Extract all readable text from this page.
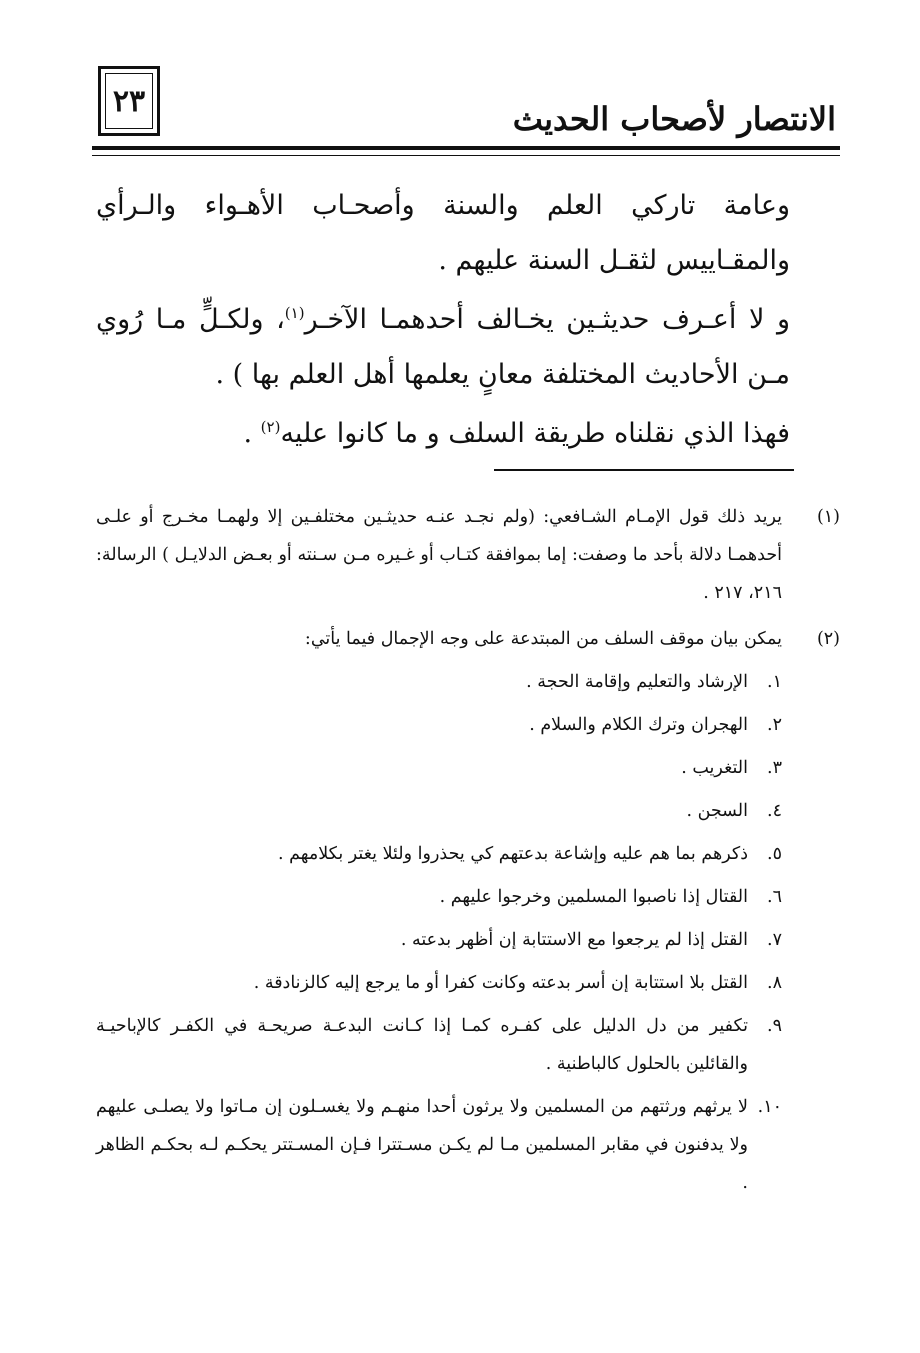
٢٣	الانتصار لأصحاب الحديث

وعامة تاركي العلم والسنة وأصحـاب الأهـواء والـرأي والمقـاييس لثقـل السنة عليهم .

و لا أعـرف حديثـين يخـالف أحدهمـا الآخـر$^{(١)}$، ولكـلٍّ مـا رُوي مـن الأحاديث المختلفة معانٍ يعلمها أهل العلم بها ) .

فهذا الذي نقلناه طريقة السلف و ما كانوا عليه$^{(٢)}$ .

(١)
يريد ذلك قول الإمـام الشـافعي: (ولم نجـد عنـه حديثـين مختلفـين إلا ولهمـا مخـرج أو علـى أحدهمـا دلالة بأحد ما وصفت: إما بموافقة كتـاب أو غـيره مـن سـنته أو بعـض الدلايـل ) الرسالة: ٢١٦، ٢١٧ .
(٢)
يمكن بيان موقف السلف من المبتدعة على وجه الإجمال فيما يأتي:
١.
الإرشاد والتعليم وإقامة الحجة .
٢.
الهجران وترك الكلام والسلام .
٣.
التغريب .
٤.
السجن .
٥.
ذكرهم بما هم عليه وإشاعة بدعتهم كي يحذروا ولئلا يغتر بكلامهم .
٦.
القتال إذا ناصبوا المسلمين وخرجوا عليهم .
٧.
القتل إذا لم يرجعوا مع الاستتابة إن أظهر بدعته .
٨.
القتل بلا استتابة إن أسر بدعته وكانت كفرا أو ما يرجع إليه كالزنادقة .
٩.
تكفير من دل الدليل على كفـره كمـا إذا كـانت البدعـة صريحـة في الكفـر كالإباحيـة والقائلين بالحلول كالباطنية .
١٠.
لا يرثهم ورثتهم من المسلمين ولا يرثون أحدا منهـم ولا يغسـلون إن مـاتوا ولا يصلـى عليهم ولا يدفنون في مقابر المسلمين مـا لم يكـن مسـتترا فـإن المسـتتر يحكـم لـه بحكـم الظاهر .
